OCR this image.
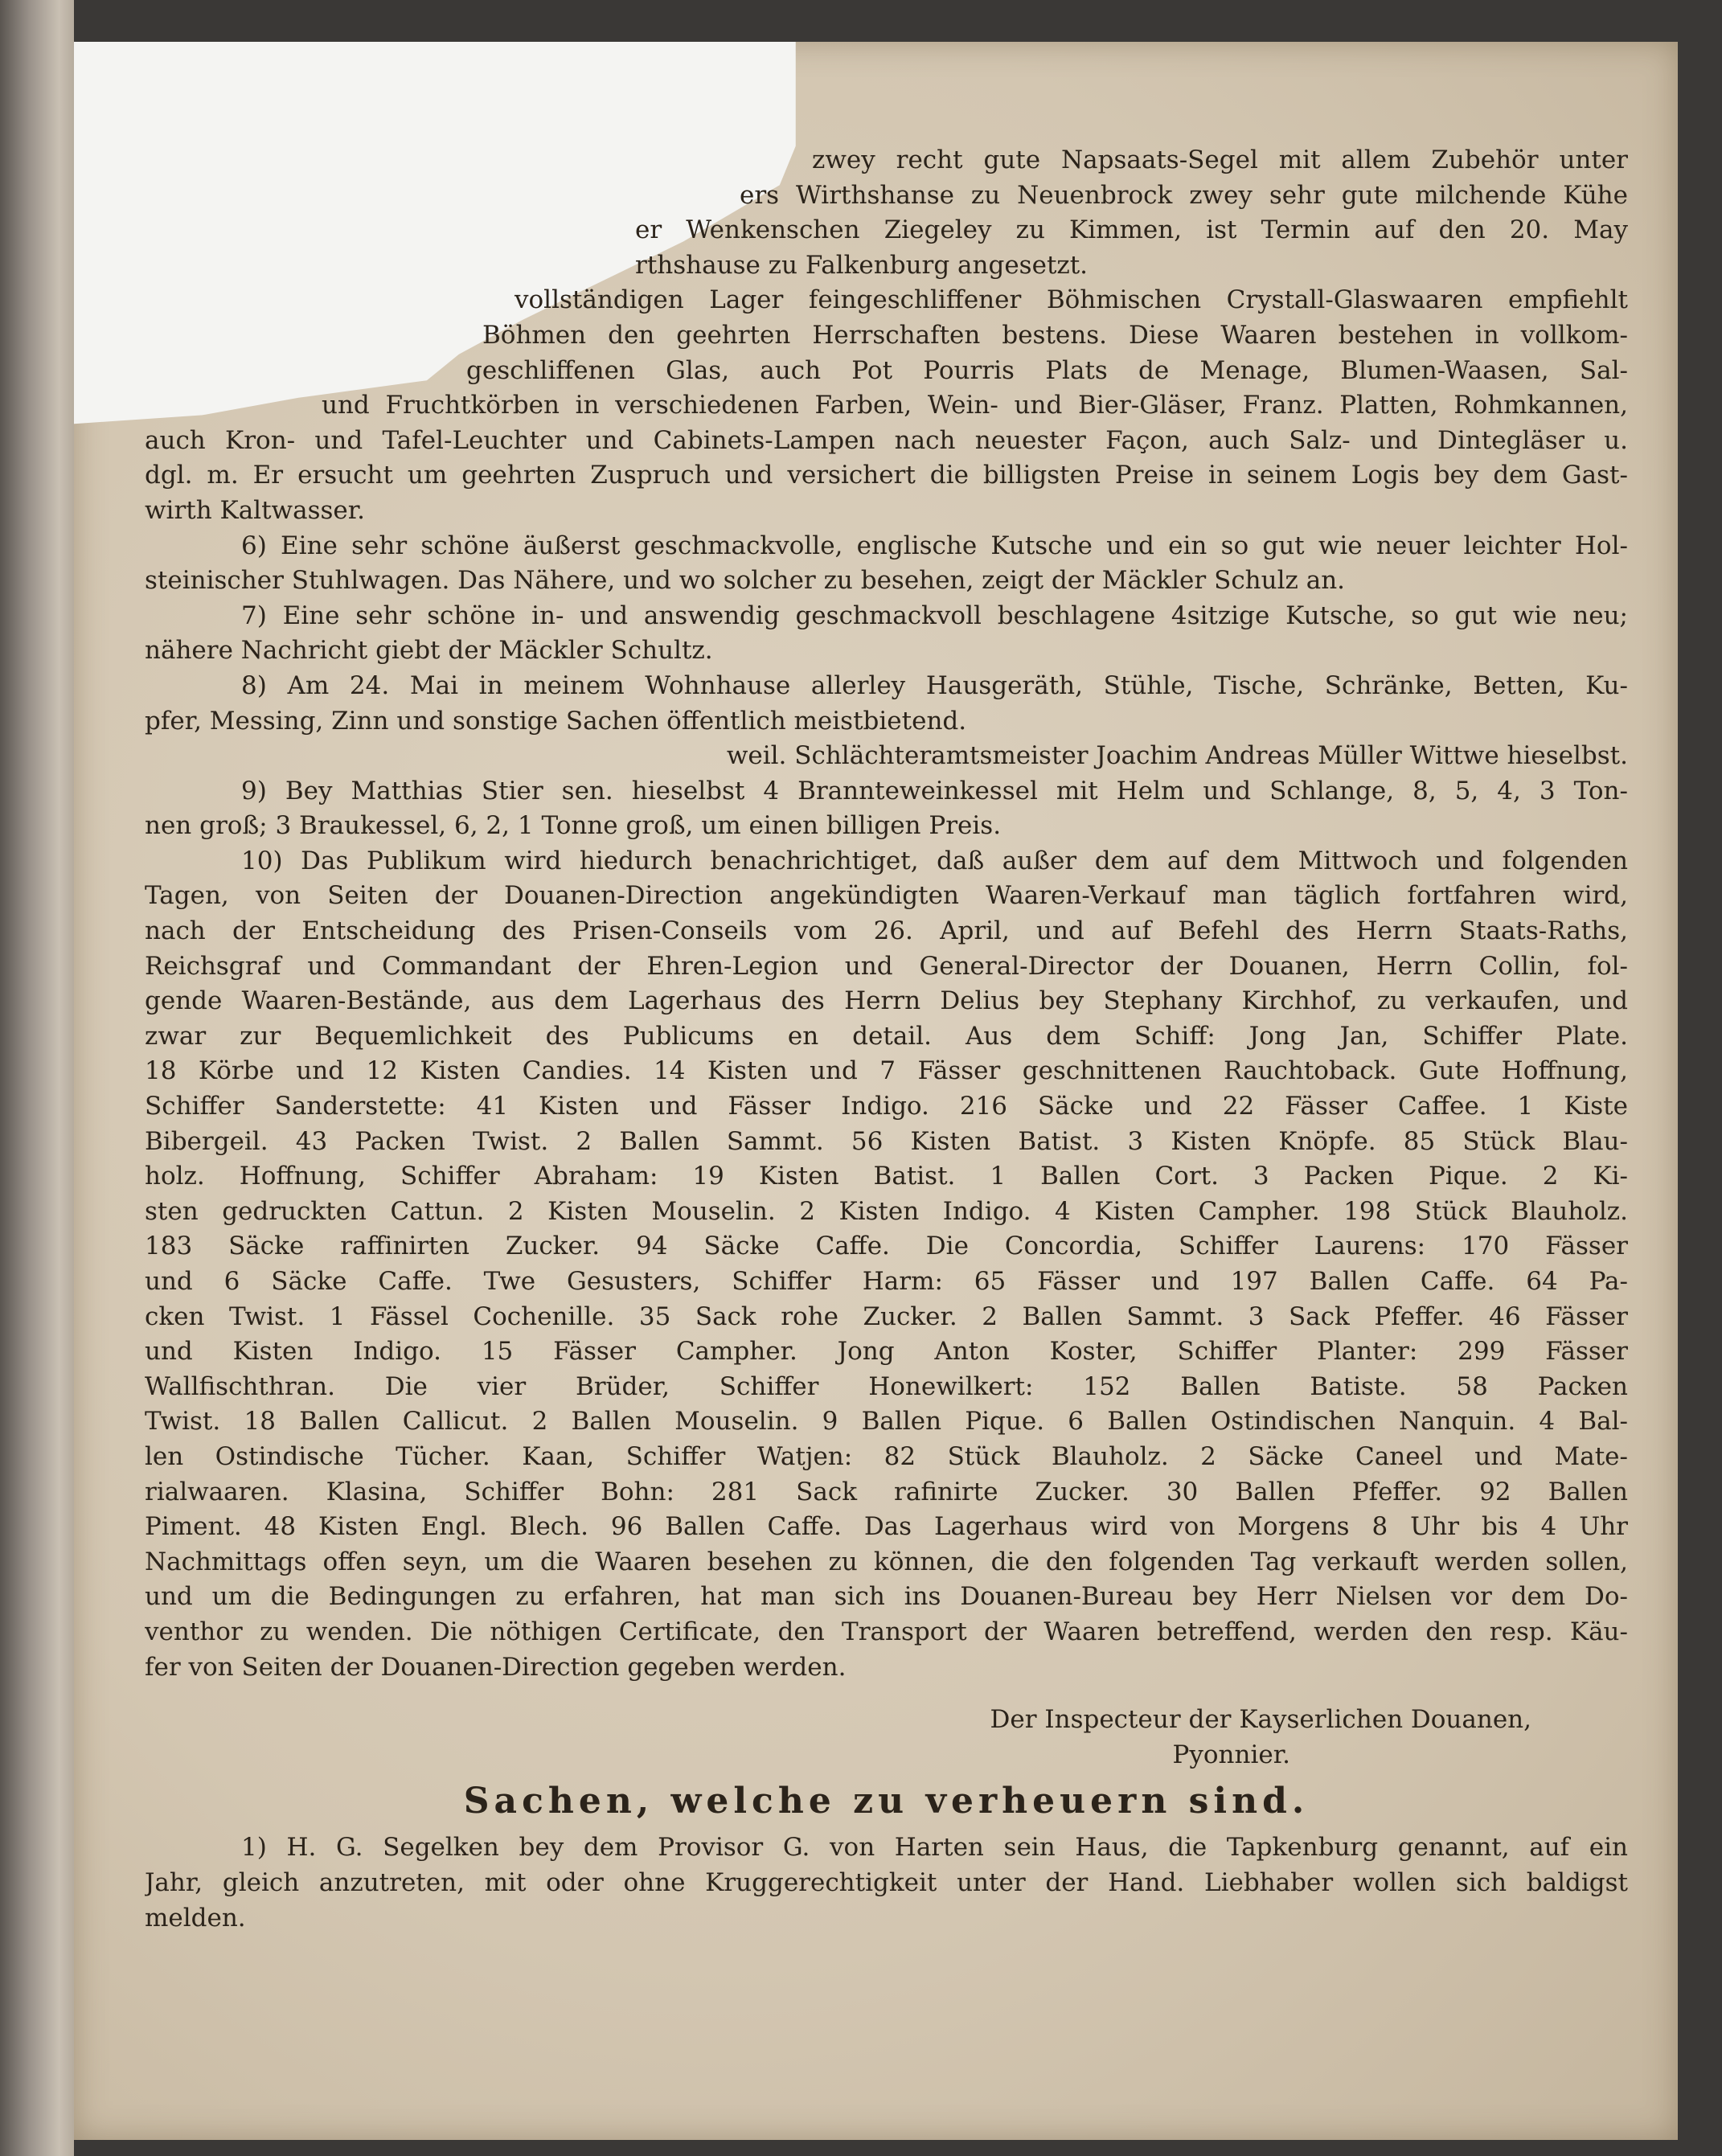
zwey recht gute Napsaats-Segel mit allem Zubehör unter
ers Wirthshanse zu Neuenbrock zwey sehr gute milchende Kühe
er Wenkenschen Ziegeley zu Kimmen, ist Termin auf den 20. May
rthshause zu Falkenburg angesetzt.
vollständigen Lager feingeschliffener Böhmischen Crystall-Glaswaaren empfiehlt
Böhmen den geehrten Herrschaften bestens. Diese Waaren bestehen in vollkom-
geschliffenen Glas, auch Pot Pourris Plats de Menage, Blumen-Waasen, Sal-
und Fruchtkörben in verschiedenen Farben, Wein- und Bier-Gläser, Franz. Platten, Rohmkannen,
auch Kron- und Tafel-Leuchter und Cabinets-Lampen nach neuester Façon, auch Salz- und Dintegläser u.
dgl. m. Er ersucht um geehrten Zuspruch und versichert die billigsten Preise in seinem Logis bey dem Gast-
wirth Kaltwasser.
6) Eine sehr schöne äußerst geschmackvolle, englische Kutsche und ein so gut wie neuer leichter Hol-
steinischer Stuhlwagen. Das Nähere, und wo solcher zu besehen, zeigt der Mäckler Schulz an.
7) Eine sehr schöne in- und answendig geschmackvoll beschlagene 4sitzige Kutsche, so gut wie neu;
nähere Nachricht giebt der Mäckler Schultz.
8) Am 24. Mai in meinem Wohnhause allerley Hausgeräth, Stühle, Tische, Schränke, Betten, Ku-
pfer, Messing, Zinn und sonstige Sachen öffentlich meistbietend.
weil. Schlächteramtsmeister Joachim Andreas Müller Wittwe hieselbst.
9) Bey Matthias Stier sen. hieselbst 4 Brannteweinkessel mit Helm und Schlange, 8, 5, 4, 3 Ton-
nen groß; 3 Braukessel, 6, 2, 1 Tonne groß, um einen billigen Preis.
10) Das Publikum wird hiedurch benachrichtiget, daß außer dem auf dem Mittwoch und folgenden
Tagen, von Seiten der Douanen-Direction angekündigten Waaren-Verkauf man täglich fortfahren wird,
nach der Entscheidung des Prisen-Conseils vom 26. April, und auf Befehl des Herrn Staats-Raths,
Reichsgraf und Commandant der Ehren-Legion und General-Director der Douanen, Herrn Collin, fol-
gende Waaren-Bestände, aus dem Lagerhaus des Herrn Delius bey Stephany Kirchhof, zu verkaufen, und
zwar zur Bequemlichkeit des Publicums en detail. Aus dem Schiff: Jong Jan, Schiffer Plate.
18 Körbe und 12 Kisten Candies. 14 Kisten und 7 Fässer geschnittenen Rauchtoback. Gute Hoffnung,
Schiffer Sanderstette: 41 Kisten und Fässer Indigo. 216 Säcke und 22 Fässer Caffee. 1 Kiste
Bibergeil. 43 Packen Twist. 2 Ballen Sammt. 56 Kisten Batist. 3 Kisten Knöpfe. 85 Stück Blau-
holz. Hoffnung, Schiffer Abraham: 19 Kisten Batist. 1 Ballen Cort. 3 Packen Pique. 2 Ki-
sten gedruckten Cattun. 2 Kisten Mouselin. 2 Kisten Indigo. 4 Kisten Campher. 198 Stück Blauholz.
183 Säcke raffinirten Zucker. 94 Säcke Caffe. Die Concordia, Schiffer Laurens: 170 Fässer
und 6 Säcke Caffe. Twe Gesusters, Schiffer Harm: 65 Fässer und 197 Ballen Caffe. 64 Pa-
cken Twist. 1 Fässel Cochenille. 35 Sack rohe Zucker. 2 Ballen Sammt. 3 Sack Pfeffer. 46 Fässer
und Kisten Indigo. 15 Fässer Campher. Jong Anton Koster, Schiffer Planter: 299 Fässer
Wallfischthran. Die vier Brüder, Schiffer Honewilkert: 152 Ballen Batiste. 58 Packen
Twist. 18 Ballen Callicut. 2 Ballen Mouselin. 9 Ballen Pique. 6 Ballen Ostindischen Nanquin. 4 Bal-
len Ostindische Tücher. Kaan, Schiffer Watjen: 82 Stück Blauholz. 2 Säcke Caneel und Mate-
rialwaaren. Klasina, Schiffer Bohn: 281 Sack rafinirte Zucker. 30 Ballen Pfeffer. 92 Ballen
Piment. 48 Kisten Engl. Blech. 96 Ballen Caffe. Das Lagerhaus wird von Morgens 8 Uhr bis 4 Uhr
Nachmittags offen seyn, um die Waaren besehen zu können, die den folgenden Tag verkauft werden sollen,
und um die Bedingungen zu erfahren, hat man sich ins Douanen-Bureau bey Herr Nielsen vor dem Do-
venthor zu wenden. Die nöthigen Certificate, den Transport der Waaren betreffend, werden den resp. Käu-
fer von Seiten der Douanen-Direction gegeben werden.
Der Inspecteur der Kayserlichen Douanen,
Pyonnier.
Sachen, welche zu verheuern sind.
1) H. G. Segelken bey dem Provisor G. von Harten sein Haus, die Tapkenburg genannt, auf ein
Jahr, gleich anzutreten, mit oder ohne Kruggerechtigkeit unter der Hand. Liebhaber wollen sich baldigst
melden.
